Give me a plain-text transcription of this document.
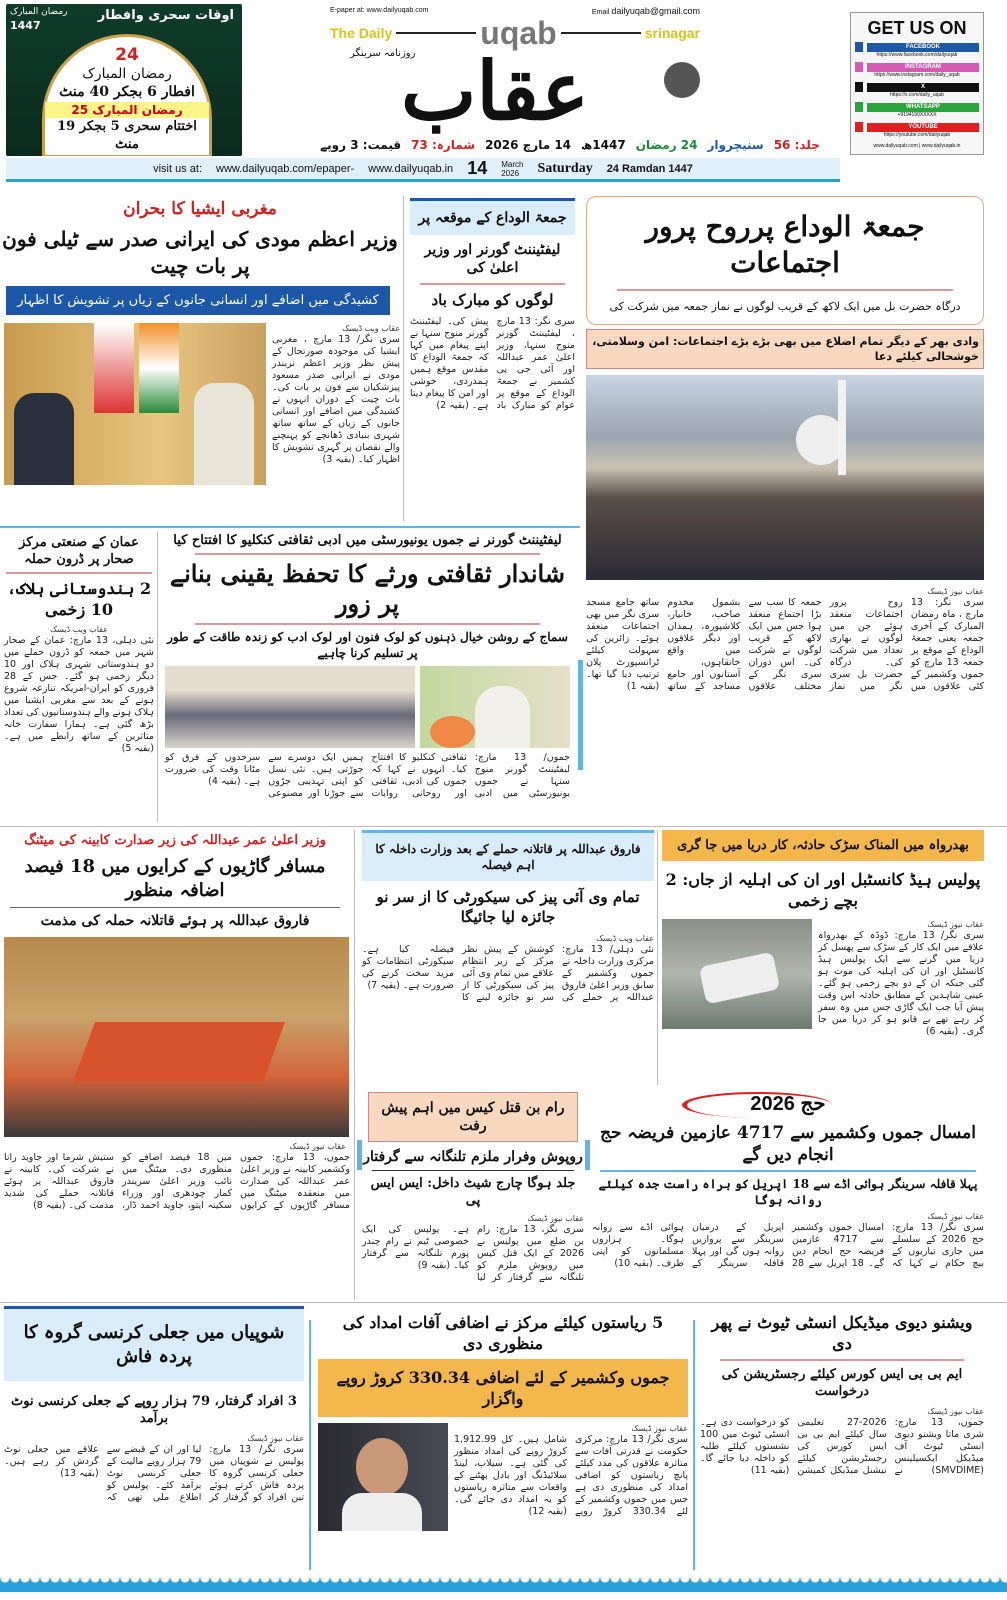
اوقات سحری وافطار
رمضان المبارک
1447
24
رمضان المبارک
افطار 6 بجکر 40 منٹ
25 رمضان المبارک
اختتام سحری 5 بجکر 19 منٹ
E-paper at: www.dailyuqab.com	Email dailyuqab@gmail.com
The Daily	uqab	srinagar
عقاب
روزنامہ سرینگر
جلد: 56
سنیچروار
24 رمضان
1447ھ
14 مارچ 2026
شمارہ: 73
قیمت: 3 روپے
visit us at: www.dailyuqab.com/epaper- www.dailyuqab.in 14 March
2026	Saturday 24 Ramdan 1447
GET US ON
FACEBOOK
https://www.facebook.com/dailyuqab
INSTAGRAM
https://www.instagram.com/daily_uqab
X
https://x.com/daily_uqab
WHATSAPP
+9194190XXXXX
YOUTUBE
https://youtube.com/dailyuqab
www.dailyuqab.com | www.dailyuqab.in
جمعۃ الوداع پرروح پرور اجتماعات
درگاہ حضرت بل میں ایک لاکھ کے قریب لوگوں نے نماز جمعہ میں شرکت کی
وادی بھر کے دیگر تمام اضلاع میں بھی بڑے بڑے اجتماعات: امن وسلامتی، خوشحالی کیلئے دعا
عقاب نیوز ڈیسک
سری نگر: 13 مارچ ، ماہ رمضان المبارک کے آخری جمعہ یعنی جمعۃ الوداع کے موقع پر جمعہ 13 مارچ کو جموں وکشمیر کے کئی علاقوں میں روح پرور اجتماعات منعقد ہوئے جن میں لوگوں نے بھاری تعداد میں شرکت کی۔ درگاہ حضرت بل سری نگر میں نماز جمعہ کا سب سے بڑا اجتماع منعقد ہوا جس میں ایک لاکھ کے قریب لوگوں نے شرکت کی۔ اس دوران سری نگر کے مختلف علاقوں بشمول مخدوم صاحب، خانیار، کلاشپورہ، ہمدان اور دیگر علاقوں میں واقع خانقاہوں، آستانوں اور جامع مساجد کے ساتھ ساتھ جامع مسجد سری نگر میں بھی اجتماعات منعقد ہوئے۔ زائرین کی سہولت کیلئے ٹرانسپورٹ پلان ترتیب دیا گیا تھا۔ (بقیہ 1)
جمعۃ الوداع کے موقعہ پر
لیفٹیننٹ گورنر اور وزیر اعلیٰ کی
لوگوں کو مبارک باد
سری نگر: 13 مارچ ، لیفٹیننٹ گورنر منوج سنہا، وزیر اعلیٰ عمر عبداللہ اور آئی جی پی کشمیر نے جمعۃ الوداع کے موقع پر عوام کو مبارک باد پیش کی۔ لیفٹیننٹ گورنر منوج سنہا نے اپنے پیغام میں کہا کہ جمعۃ الوداع کا مقدس موقع ہمیں ہمدردی، خوشی اور امن کا پیغام دیتا ہے۔ (بقیہ 2)
مغربی ایشیا کا بحران
وزیر اعظم مودی کی ایرانی صدر سے ٹیلی فون پر بات چیت
کشیدگی میں اضافے اور انسانی جانوں کے زیاں پر تشویش کا اظہار
عقاب ویب ڈیسک
سری نگر/ 13 مارچ ، مغربی ایشیا کی موجودہ صورتحال کے پیش نظر وزیر اعظم نریندر مودی نے ایرانی صدر مسعود پیزشکیان سے فون پر بات کی۔ بات چیت کے دوران انہوں نے کشیدگی میں اضافے اور انسانی جانوں کے زیاں کے ساتھ ساتھ شہری بنیادی ڈھانچے کو پہنچنے والے نقصان پر گہری تشویش کا اظہار کیا۔ (بقیہ 3)
عمان کے صنعتی مرکز صحار پر ڈرون حملہ
2 ہندوستانی ہلاک، 10 زخمی
عقاب ویب ڈیسک
نئی دہلی، 13 مارچ: عمان کے صحار شہر میں جمعہ کو ڈرون حملے میں دو ہندوستانی شہری ہلاک اور 10 دیگر زخمی ہو گئے۔ جس کے 28 فروری کو ایران-امریکہ تنازعہ شروع ہونے کے بعد سے مغربی ایشیا میں ہلاک ہونے والے ہندوستانیوں کی تعداد بڑھ گئی ہے۔ ہمارا سفارت خانہ متاثرین کے ساتھ رابطے میں ہے۔ (بقیہ 5)
لیفٹیننٹ گورنر نے جموں یونیورسٹی میں ادبی ثقافتی کنکلیو کا افتتاح کیا
شاندار ثقافتی ورثے کا تحفظ یقینی بنانے پر زور
سماج کے روشن خیال ذہنوں کو لوک فنون اور لوک ادب کو زندہ طاقت کے طور پر تسلیم کرنا چاہیے
جموں/ 13 مارچ: لیفٹیننٹ گورنر منوج سنہا نے جموں یونیورسٹی میں ادبی ثقافتی کنکلیو کا افتتاح کیا۔ انہوں نے کہا کہ جموں کی ادبی، ثقافتی اور روحانی روایات ہمیں ایک دوسرے سے جوڑتی ہیں۔ نئی نسل کو اپنی تہذیبی جڑوں سے جوڑنا اور مصنوعی سرحدوں کے فرق کو مٹانا وقت کی ضرورت ہے۔ (بقیہ 4)
وزیر اعلیٰ عمر عبداللہ کی زیر صدارت کابینہ کی میٹنگ
مسافر گاڑیوں کے کرایوں میں 18 فیصد اضافہ منظور
فاروق عبداللہ پر ہوئے قاتلانہ حملہ کی مذمت
عقاب نیوز ڈیسک
جموں، 13 مارچ: جموں وکشمیر کابینہ نے وزیر اعلیٰ عمر عبداللہ کی صدارت میں منعقدہ میٹنگ میں مسافر گاڑیوں کے کرایوں میں 18 فیصد اضافے کو منظوری دی۔ میٹنگ میں نائب وزیر اعلیٰ سریندر کمار چودھری اور وزراء سکینہ ایتو، جاوید احمد ڈار، ستیش شرما اور جاوید رانا نے شرکت کی۔ کابینہ نے فاروق عبداللہ پر ہوئے قاتلانہ حملے کی شدید مذمت کی۔ (بقیہ 8)
فاروق عبداللہ پر قاتلانہ حملے کے بعد وزارت داخلہ کا اہم فیصلہ
تمام وی آئی پیز کی سیکورٹی کا از سر نو جائزہ لیا جائیگا
عقاب ویب ڈیسک
نئی دہلی/ 13 مارچ: مرکزی وزارت داخلہ نے جموں وکشمیر کے سابق وزیر اعلیٰ فاروق عبداللہ پر حملے کی کوشش کے پیش نظر مرکز کے زیر انتظام علاقے میں تمام وی آئی پیز کی سیکورٹی کا از سر نو جائزہ لینے کا فیصلہ کیا ہے۔ سیکورٹی انتظامات کو مزید سخت کرنے کی ضرورت ہے۔ (بقیہ 7)
بھدرواہ میں المناک سڑک حادثہ، کار دریا میں جا گری
پولیس ہیڈ کانسٹبل اور ان کی اہلیہ از جاں: 2 بچے زخمی
عقاب نیوز ڈیسک
سری نگر/ 13 مارچ: ڈوڈہ کے بھدرواہ علاقے میں ایک کار کے سڑک سے پھسل کر دریا میں گرنے سے ایک پولیس ہیڈ کانسٹبل اور ان کی اہلیہ کی موت ہو گئی جبکہ ان کے دو بچے زخمی ہو گئے۔ عینی شاہدین کے مطابق حادثہ اس وقت پیش آیا جب ایک گاڑی جس میں وہ سفر کر رہے تھے بے قابو ہو کر دریا میں جا گری۔ (بقیہ 6)
رام بن قتل کیس میں اہم پیش رفت
روپوش وفرار ملزم تلنگانہ سے گرفتار
جلد ہوگا چارج شیٹ داخل: ایس ایس پی
عقاب نیوز ڈیسک
سری نگر، 13 مارچ: رام بن ضلع میں پولیس نے 2026 کے ایک قتل کیس میں روپوش ملزم کو تلنگانہ سے گرفتار کر لیا ہے۔ پولیس کی ایک خصوصی ٹیم نے رام چندر پورم تلنگانہ سے گرفتار کیا۔ (بقیہ 9)
حج 2026
امسال جموں وکشمیر سے 4717 عازمین فریضہ حج انجام دیں گے
پہلا قافلہ سرینگر ہوائی اڈے سے 18 اپریل کو براہ راست جدہ کیلئے روانہ ہوگا
عقاب نیوز ڈیسک
سری نگر/ 13 مارچ: حج 2026 کے سلسلے میں جاری تیاریوں کے بیچ حکام نے کہا کہ امسال جموں وکشمیر سے 4717 عازمین فریضہ حج انجام دیں گے۔ 18 اپریل سے 28 اپریل کے درمیان سرینگر سے پروازیں روانہ ہوں گی اور پہلا قافلہ سرینگر کے ہوائی اڈے سے روانہ ہوگا۔ ہزاروں مسلمانوں کو اپنی طرف۔ (بقیہ 10)
شوپیاں میں جعلی کرنسی گروہ کا پردہ فاش
3 افراد گرفتار، 79 ہزار روپے کے جعلی کرنسی نوٹ برآمد
عقاب نیوز ڈیسک
سری نگر/ 13 مارچ: پولیس نے شوپیاں میں جعلی کرنسی گروہ کا پردہ فاش کرتے ہوئے تین افراد کو گرفتار کر لیا اور ان کے قبضے سے 79 ہزار روپے مالیت کے جعلی کرنسی نوٹ برآمد کئے۔ پولیس کو اطلاع ملی تھی کہ علاقے میں جعلی نوٹ گردش کر رہے ہیں۔ (بقیہ 13)
5 ریاستوں کیلئے مرکز نے اضافی آفات امداد کی منظوری دی
جموں وکشمیر کے لئے اضافی 330.34 کروڑ روپے واگزار
عقاب نیوز ڈیسک
سری نگر/ 13 مارچ: مرکزی حکومت نے قدرتی آفات سے متاثرہ علاقوں کی مدد کیلئے پانچ ریاستوں کو اضافی امداد کی منظوری دی ہے جس میں جموں وکشمیر کے لئے 330.34 کروڑ روپے شامل ہیں۔ کل 1,912.99 کروڑ روپے کی امداد منظور کی گئی ہے۔ سیلاب، لینڈ سلائیڈنگ اور بادل پھٹنے کے واقعات سے متاثرہ ریاستوں کو یہ امداد دی جائے گی۔ (بقیہ 12)
ویشنو دیوی میڈیکل انسٹی ٹیوٹ نے پھر دی
ایم بی بی ایس کورس کیلئے رجسٹریشن کی درخواست
عقاب نیوز ڈیسک
جموں، 13 مارچ: شری ماتا ویشنو دیوی انسٹی ٹیوٹ آف میڈیکل ایکسیلینس (SMVDIME) نے 2026-27 تعلیمی سال کیلئے ایم بی بی ایس کورس کی رجسٹریشن کیلئے نیشنل میڈیکل کمیشن کو درخواست دی ہے۔ انسٹی ٹیوٹ میں 100 نشستوں کیلئے طلبہ کو داخلہ دیا جائے گا۔ (بقیہ 11)
